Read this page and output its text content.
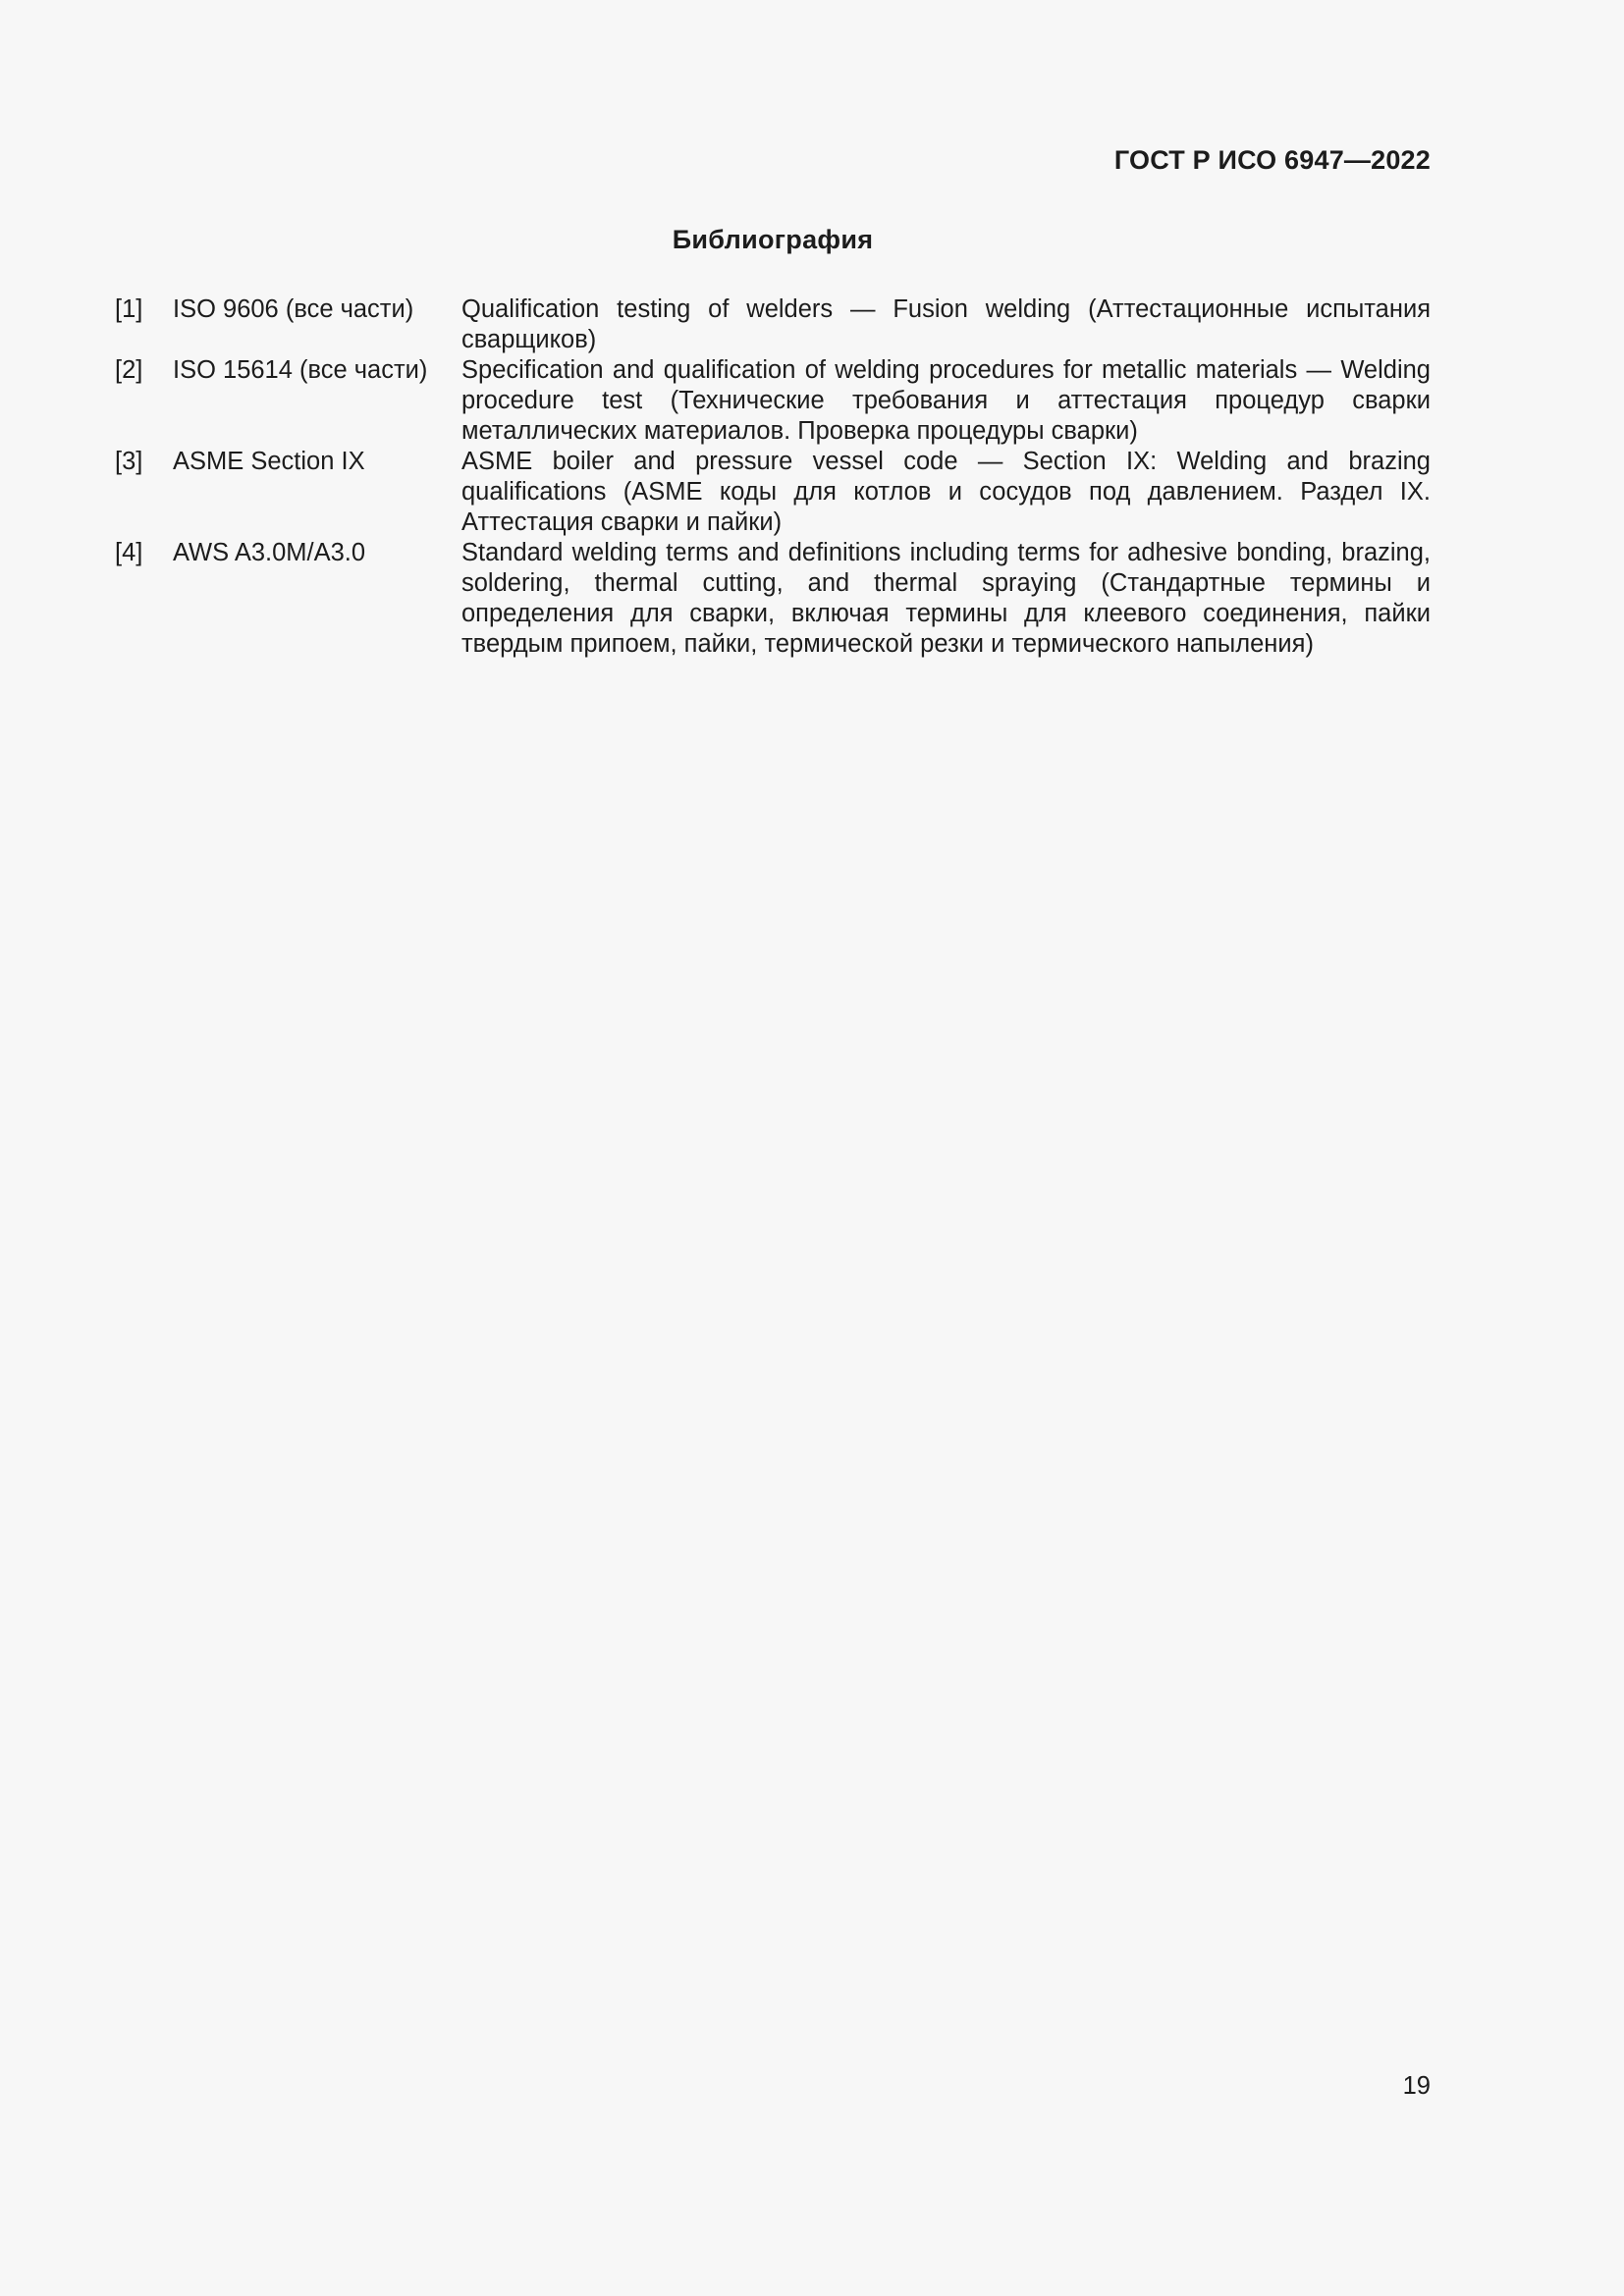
ГОСТ Р ИСО 6947—2022
Библиография
[1] ISO 9606 (все части) Qualification testing of welders — Fusion welding (Аттестационные испытания сварщиков)
[2] ISO 15614 (все части) Specification and qualification of welding procedures for metallic materials — Welding procedure test (Технические требования и аттестация процедур сварки металлических материалов. Проверка процедуры сварки)
[3] ASME Section IX	ASME boiler and pressure vessel code — Section IX: Welding and brazing qualifications (ASME коды для котлов и сосудов под давлением. Раздел IX. Аттестация сварки и пайки)
[4] AWS A3.0M/A3.0	Standard welding terms and definitions including terms for adhesive bonding, brazing, soldering, thermal cutting, and thermal spraying (Стандартные термины и определения для сварки, включая термины для клеевого соединения, пайки твердым припоем, пайки, термической резки и термического напыления)
19
